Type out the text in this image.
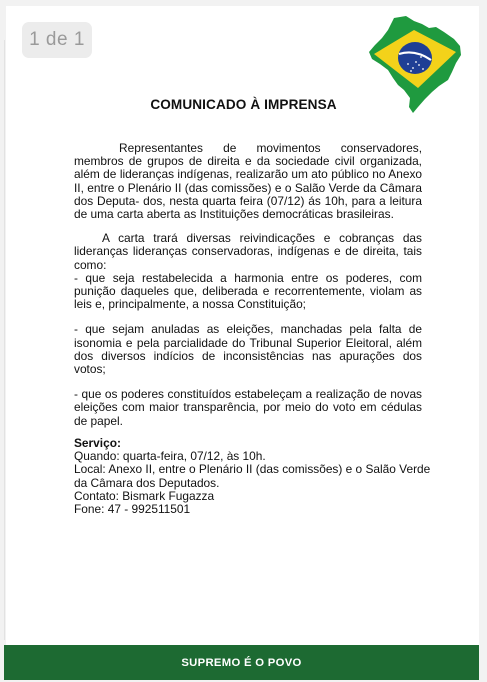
1 de 1
COMUNICADO À IMPRENSA

Representantes de movimentos conservadores, membros de grupos de direita e da sociedade civil organizada, além de lideranças indígenas, realizarão um ato público no Anexo II, entre o Plenário II (das comissões) e o Salão Verde da Câmara dos Deputa- dos, nesta quarta feira (07/12) ás 10h, para a leitura de uma carta aberta as Instituições democráticas brasileiras.

A carta trará diversas reivindicações e cobranças das lideranças lideranças conservadoras, indígenas e de direita, tais como:

- que seja restabelecida a harmonia entre os poderes, com punição daqueles que, deliberada e recorrentemente, violam as leis e, principalmente, a nossa Constituição;

- que sejam anuladas as eleições, manchadas pela falta de isonomia e pela parcialidade do Tribunal Superior Eleitoral, além dos diversos indícios de inconsistências nas apurações dos votos;

- que os poderes constituídos estabeleçam a realização de novas eleições com maior transparência, por meio do voto em cédulas de papel.

Serviço:
Quando: quarta-feira, 07/12, às 10h.
Local: Anexo II, entre o Plenário II (das comissões) e o Salão Verde da Câmara dos Deputados.
Contato: Bismark Fugazza
Fone: 47 - 992511501
SUPREMO É O POVO
